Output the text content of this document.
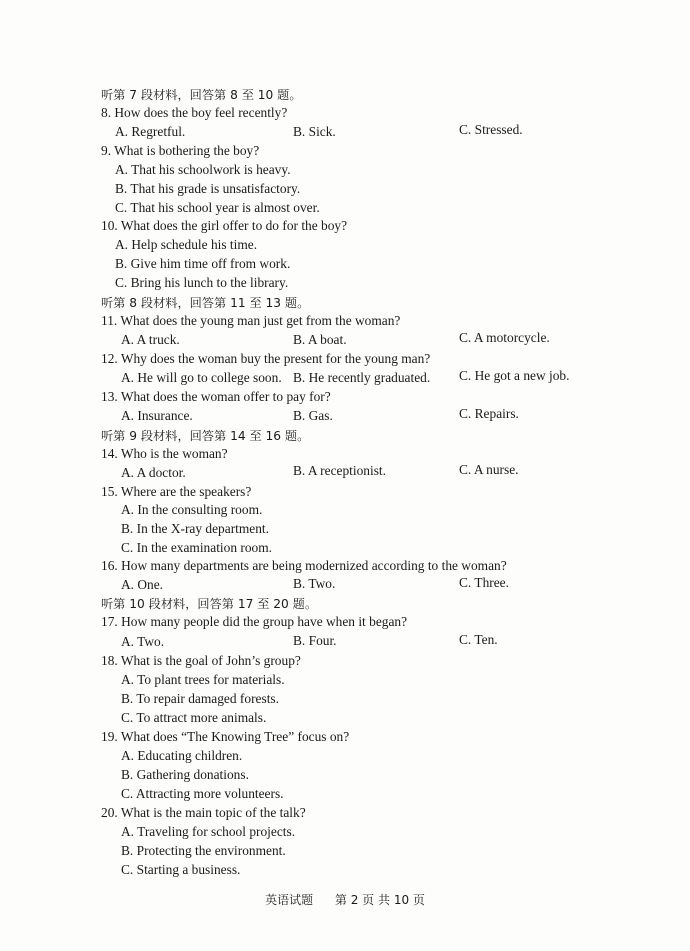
听第 7 段材料，回答第 8 至 10 题。
8. How does the boy feel recently?
A. Regretful.	B. Sick.	C. Stressed.
9. What is bothering the boy?
A. That his schoolwork is heavy.
B. That his grade is unsatisfactory.
C. That his school year is almost over.
10. What does the girl offer to do for the boy?
A. Help schedule his time.
B. Give him time off from work.
C. Bring his lunch to the library.
听第 8 段材料，回答第 11 至 13 题。
11. What does the young man just get from the woman?
A. A truck.	B. A boat.	C. A motorcycle.
12. Why does the woman buy the present for the young man?
A. He will go to college soon. B. He recently graduated. C. He got a new job.
13. What does the woman offer to pay for?
A. Insurance.	B. Gas.	C. Repairs.
听第 9 段材料，回答第 14 至 16 题。
14. Who is the woman?
A. A doctor.	B. A receptionist.	C. A nurse.
15. Where are the speakers?
A. In the consulting room.
B. In the X-ray department.
C. In the examination room.
16. How many departments are being modernized according to the woman?
A. One.	B. Two.	C. Three.
听第 10 段材料，回答第 17 至 20 题。
17. How many people did the group have when it began?
A. Two.	B. Four.	C. Ten.
18. What is the goal of John’s group?
A. To plant trees for materials.
B. To repair damaged forests.
C. To attract more animals.
19. What does “The Knowing Tree” focus on?
A. Educating children.
B. Gathering donations.
C. Attracting more volunteers.
20. What is the main topic of the talk?
A. Traveling for school projects.
B. Protecting the environment.
C. Starting a business.
英语试题 第 2 页 共 10 页
